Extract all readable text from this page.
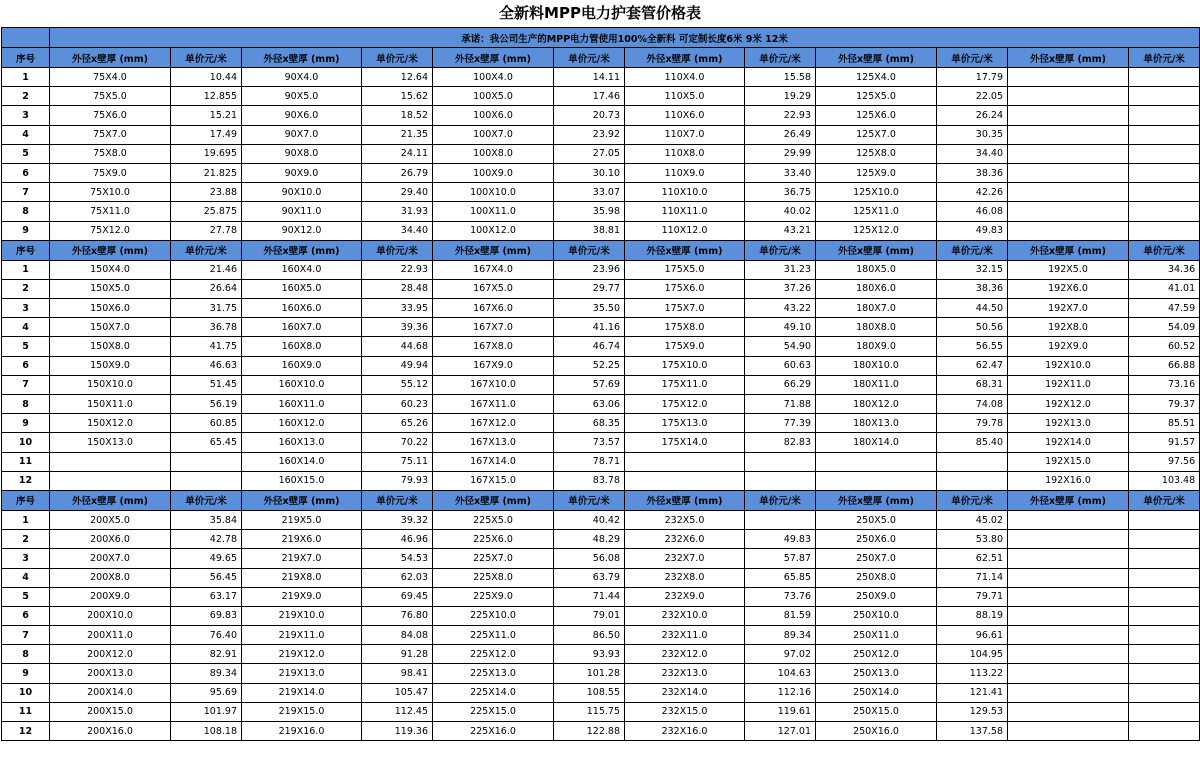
全新料MPP电力护套管价格表
	承诺：我公司生产的MPP电力管使用100%全新料 可定制长度6米 9米 12米											
序号	外径x壁厚 (mm)	单价元/米	外径x壁厚 (mm)	单价元/米	外径x壁厚 (mm)	单价元/米	外径x壁厚 (mm)	单价元/米	外径x壁厚 (mm)	单价元/米	外径x壁厚 (mm)	单价元/米
1	75X4.0	10.44	90X4.0	12.64	100X4.0	14.11	110X4.0	15.58	125X4.0	17.79		
2	75X5.0	12.855	90X5.0	15.62	100X5.0	17.46	110X5.0	19.29	125X5.0	22.05		
3	75X6.0	15.21	90X6.0	18.52	100X6.0	20.73	110X6.0	22.93	125X6.0	26.24		
4	75X7.0	17.49	90X7.0	21.35	100X7.0	23.92	110X7.0	26.49	125X7.0	30.35		
5	75X8.0	19.695	90X8.0	24.11	100X8.0	27.05	110X8.0	29.99	125X8.0	34.40		
6	75X9.0	21.825	90X9.0	26.79	100X9.0	30.10	110X9.0	33.40	125X9.0	38.36		
7	75X10.0	23.88	90X10.0	29.40	100X10.0	33.07	110X10.0	36.75	125X10.0	42.26		
8	75X11.0	25.875	90X11.0	31.93	100X11.0	35.98	110X11.0	40.02	125X11.0	46.08		
9	75X12.0	27.78	90X12.0	34.40	100X12.0	38.81	110X12.0	43.21	125X12.0	49.83		
序号	外径x壁厚 (mm)	单价元/米	外径x壁厚 (mm)	单价元/米	外径x壁厚 (mm)	单价元/米	外径x壁厚 (mm)	单价元/米	外径x壁厚 (mm)	单价元/米	外径x壁厚 (mm)	单价元/米
1	150X4.0	21.46	160X4.0	22.93	167X4.0	23.96	175X5.0	31.23	180X5.0	32.15	192X5.0	34.36
2	150X5.0	26.64	160X5.0	28.48	167X5.0	29.77	175X6.0	37.26	180X6.0	38.36	192X6.0	41.01
3	150X6.0	31.75	160X6.0	33.95	167X6.0	35.50	175X7.0	43.22	180X7.0	44.50	192X7.0	47.59
4	150X7.0	36.78	160X7.0	39.36	167X7.0	41.16	175X8.0	49.10	180X8.0	50.56	192X8.0	54.09
5	150X8.0	41.75	160X8.0	44.68	167X8.0	46.74	175X9.0	54.90	180X9.0	56.55	192X9.0	60.52
6	150X9.0	46.63	160X9.0	49.94	167X9.0	52.25	175X10.0	60.63	180X10.0	62.47	192X10.0	66.88
7	150X10.0	51.45	160X10.0	55.12	167X10.0	57.69	175X11.0	66.29	180X11.0	68.31	192X11.0	73.16
8	150X11.0	56.19	160X11.0	60.23	167X11.0	63.06	175X12.0	71.88	180X12.0	74.08	192X12.0	79.37
9	150X12.0	60.85	160X12.0	65.26	167X12.0	68.35	175X13.0	77.39	180X13.0	79.78	192X13.0	85.51
10	150X13.0	65.45	160X13.0	70.22	167X13.0	73.57	175X14.0	82.83	180X14.0	85.40	192X14.0	91.57
11			160X14.0	75.11	167X14.0	78.71					192X15.0	97.56
12			160X15.0	79.93	167X15.0	83.78					192X16.0	103.48
序号	外径x壁厚 (mm)	单价元/米	外径x壁厚 (mm)	单价元/米	外径x壁厚 (mm)	单价元/米	外径x壁厚 (mm)	单价元/米	外径x壁厚 (mm)	单价元/米	外径x壁厚 (mm)	单价元/米
1	200X5.0	35.84	219X5.0	39.32	225X5.0	40.42	232X5.0		250X5.0	45.02		
2	200X6.0	42.78	219X6.0	46.96	225X6.0	48.29	232X6.0	49.83	250X6.0	53.80		
3	200X7.0	49.65	219X7.0	54.53	225X7.0	56.08	232X7.0	57.87	250X7.0	62.51		
4	200X8.0	56.45	219X8.0	62.03	225X8.0	63.79	232X8.0	65.85	250X8.0	71.14		
5	200X9.0	63.17	219X9.0	69.45	225X9.0	71.44	232X9.0	73.76	250X9.0	79.71		
6	200X10.0	69.83	219X10.0	76.80	225X10.0	79.01	232X10.0	81.59	250X10.0	88.19		
7	200X11.0	76.40	219X11.0	84.08	225X11.0	86.50	232X11.0	89.34	250X11.0	96.61		
8	200X12.0	82.91	219X12.0	91.28	225X12.0	93.93	232X12.0	97.02	250X12.0	104.95		
9	200X13.0	89.34	219X13.0	98.41	225X13.0	101.28	232X13.0	104.63	250X13.0	113.22		
10	200X14.0	95.69	219X14.0	105.47	225X14.0	108.55	232X14.0	112.16	250X14.0	121.41		
11	200X15.0	101.97	219X15.0	112.45	225X15.0	115.75	232X15.0	119.61	250X15.0	129.53		
12	200X16.0	108.18	219X16.0	119.36	225X16.0	122.88	232X16.0	127.01	250X16.0	137.58		
